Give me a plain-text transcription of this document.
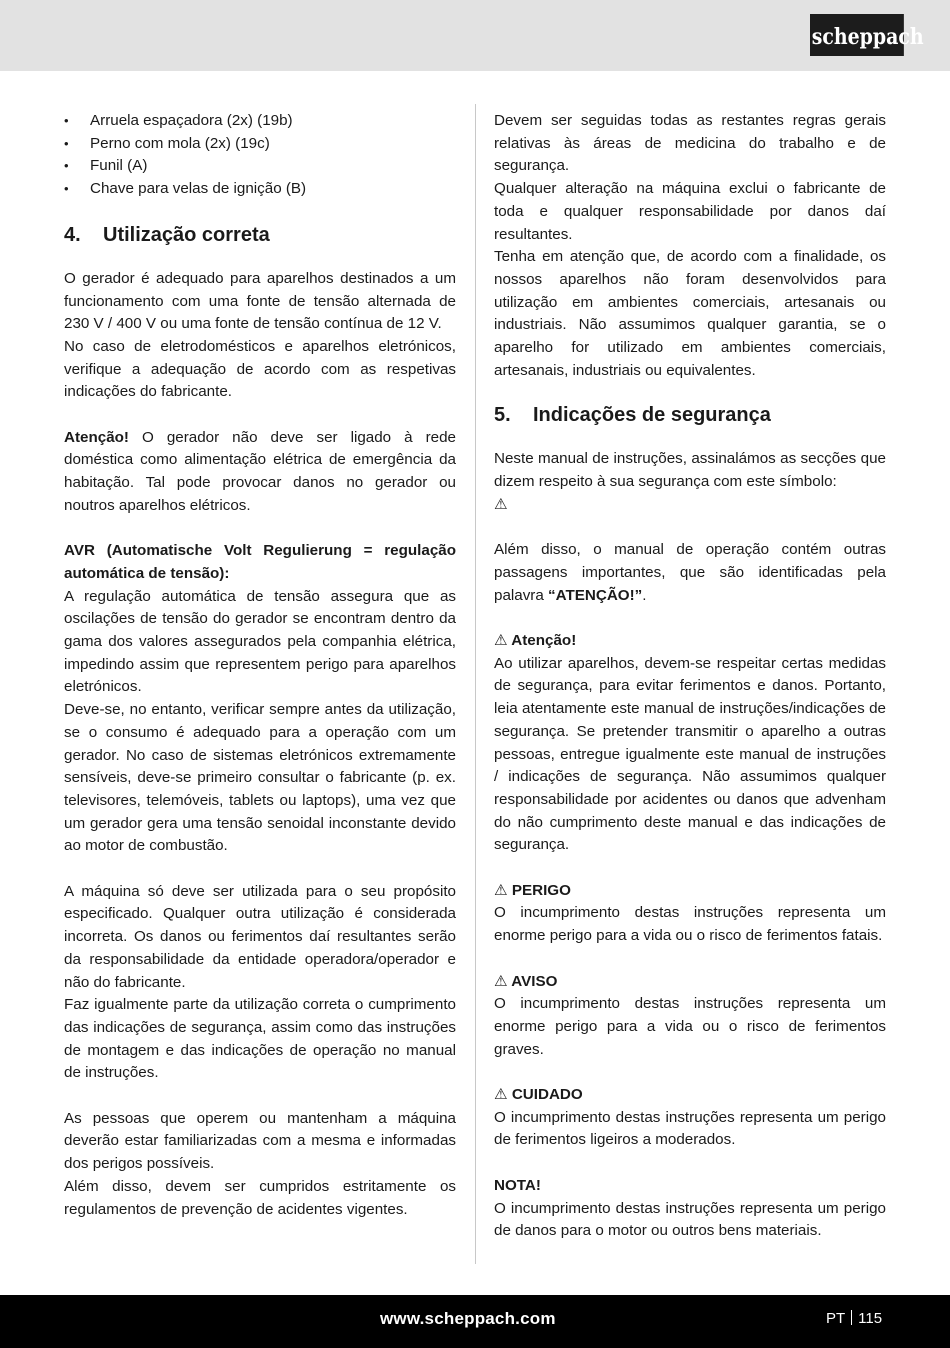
scheppach
• Arruela espaçadora (2x) (19b)
• Perno com mola (2x) (19c)
• Funil (A)
• Chave para velas de ignição (B)
4.	Utilização correta

O gerador é adequado para aparelhos destinados a um funcionamento com uma fonte de tensão alternada de 230 V / 400 V ou uma fonte de tensão contínua de 12 V.

No caso de eletrodomésticos e aparelhos eletrónicos, verifique a adequação de acordo com as respetivas indicações do fabricante.

Atenção! O gerador não deve ser ligado à rede doméstica como alimentação elétrica de emergência da habitação. Tal pode provocar danos no gerador ou noutros aparelhos elétricos.

AVR (Automatische Volt Regulierung = regulação automática de tensão):

A regulação automática de tensão assegura que as oscilações de tensão do gerador se encontram dentro da gama dos valores assegurados pela companhia elétrica, impedindo assim que representem perigo para aparelhos eletrónicos.

Deve-se, no entanto, verificar sempre antes da utilização, se o consumo é adequado para a operação com um gerador. No caso de sistemas eletrónicos extremamente sensíveis, deve-se primeiro consultar o fabricante (p. ex. televisores, telemóveis, tablets ou laptops), uma vez que um gerador gera uma tensão senoidal inconstante devido ao motor de combustão.

A máquina só deve ser utilizada para o seu propósito especificado. Qualquer outra utilização é considerada incorreta. Os danos ou ferimentos daí resultantes serão da responsabilidade da entidade operadora/operador e não do fabricante.

Faz igualmente parte da utilização correta o cumprimento das indicações de segurança, assim como das instruções de montagem e das indicações de operação no manual de instruções.

As pessoas que operem ou mantenham a máquina deverão estar familiarizadas com a mesma e informadas dos perigos possíveis.

Além disso, devem ser cumpridos estritamente os regulamentos de prevenção de acidentes vigentes.

Devem ser seguidas todas as restantes regras gerais relativas às áreas de medicina do trabalho e de segurança.

Qualquer alteração na máquina exclui o fabricante de toda e qualquer responsabilidade por danos daí resultantes.

Tenha em atenção que, de acordo com a finalidade, os nossos aparelhos não foram desenvolvidos para utilização em ambientes comerciais, artesanais ou industriais. Não assumimos qualquer garantia, se o aparelho for utilizado em ambientes comerciais, artesanais, industriais ou equivalentes.

5.	Indicações de segurança

Neste manual de instruções, assinalámos as secções que dizem respeito à sua segurança com este símbolo:

⚠

Além disso, o manual de operação contém outras passagens importantes, que são identificadas pela palavra “ATENÇÃO!”.

⚠ Atenção!

Ao utilizar aparelhos, devem-se respeitar certas medidas de segurança, para evitar ferimentos e danos. Portanto, leia atentamente este manual de instruções/indicações de segurança. Se pretender transmitir o aparelho a outras pessoas, entregue igualmente este manual de instruções / indicações de segurança. Não assumimos qualquer responsabilidade por acidentes ou danos que advenham do não cumprimento deste manual e das indicações de segurança.

⚠ PERIGO

O incumprimento destas instruções representa um enorme perigo para a vida ou o risco de ferimentos fatais.

⚠ AVISO

O incumprimento destas instruções representa um enorme perigo para a vida ou o risco de ferimentos graves.

⚠ CUIDADO

O incumprimento destas instruções representa um perigo de ferimentos ligeiros a moderados.

NOTA!

O incumprimento destas instruções representa um perigo de danos para o motor ou outros bens materiais.

www.scheppach.com	PT 115
